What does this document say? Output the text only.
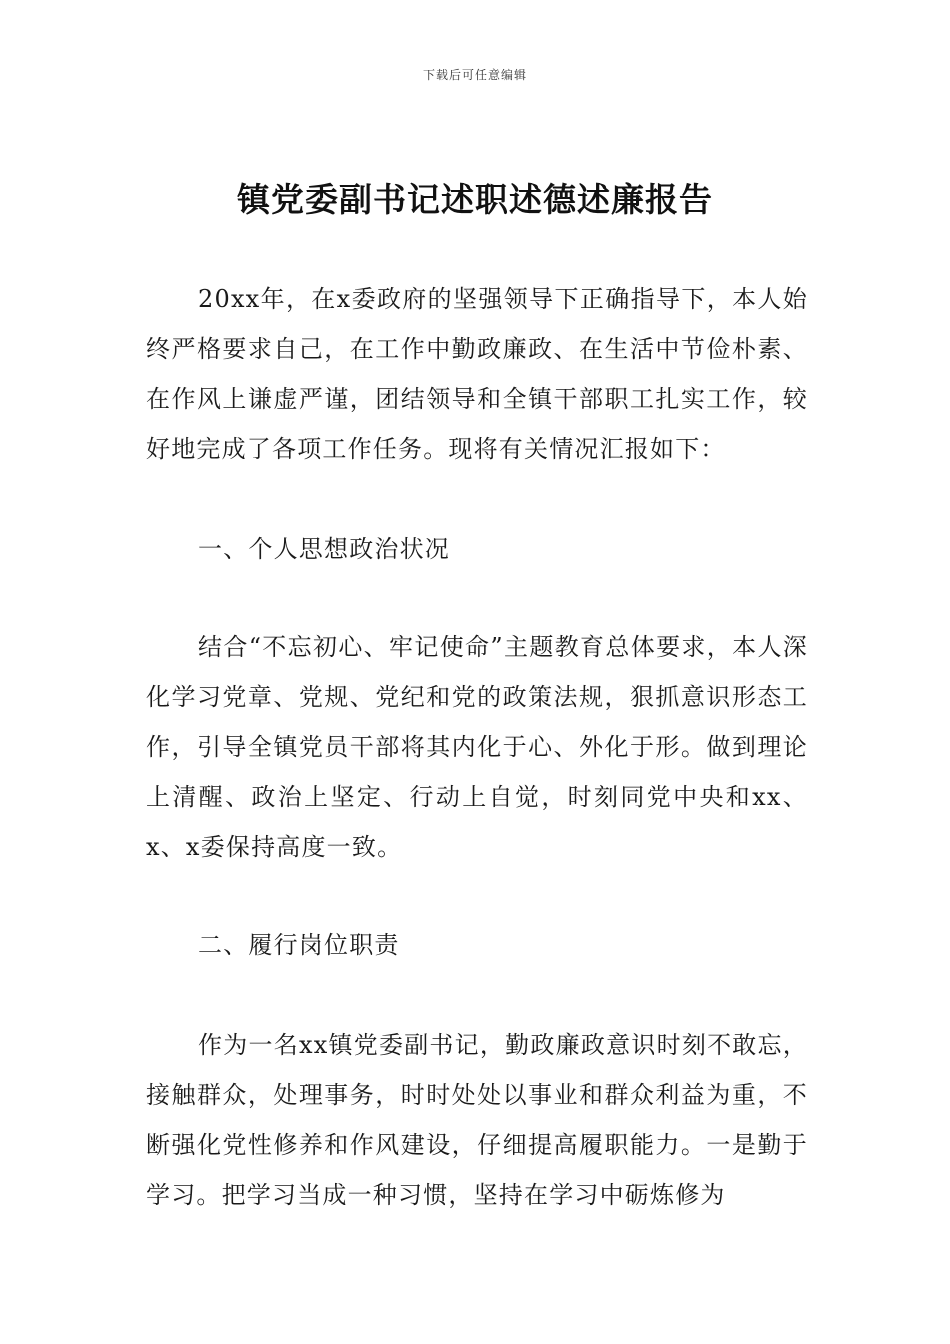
下载后可任意编辑
镇党委副书记述职述德述廉报告
20xx年，在x委政府的坚强领导下正确指导下，本人始终严格要求自己，在工作中勤政廉政、在生活中节俭朴素、在作风上谦虚严谨，团结领导和全镇干部职工扎实工作，较好地完成了各项工作任务。现将有关情况汇报如下：
一、个人思想政治状况
结合“不忘初心、牢记使命”主题教育总体要求，本人深化学习党章、党规、党纪和党的政策法规，狠抓意识形态工作，引导全镇党员干部将其内化于心、外化于形。做到理论上清醒、政治上坚定、行动上自觉，时刻同党中央和xx、x、x委保持高度一致。
二、履行岗位职责
作为一名xx镇党委副书记，勤政廉政意识时刻不敢忘，接触群众，处理事务，时时处处以事业和群众利益为重，不断强化党性修养和作风建设，仔细提高履职能力。一是勤于学习。把学习当成一种习惯，坚持在学习中砺炼修为
